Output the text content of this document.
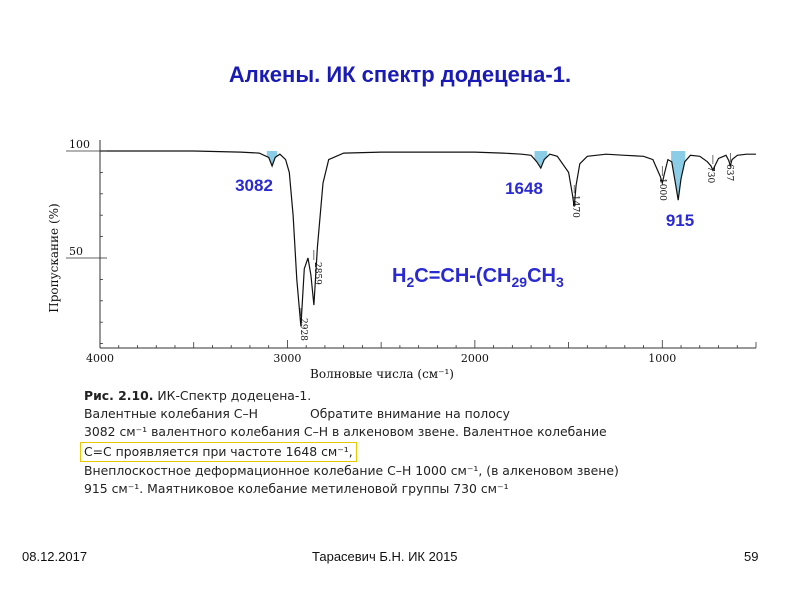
Алкены. ИК спектр додецена-1.
4000	3000	2000	1000
100
50
2928
2859
1470
1000
730 637
3082	1648
915
Волновые числа (см⁻¹)
Пропускание (%)	$H_2C=CH-(CH_29CH_3$
Рис. 2.10. ИК-Спектр додецена-1.
Валентные колебания С–Н	Обратите внимание на полосу
3082 см⁻¹ валентного колебания С–Н в алкеновом звене. Валентное колебание
С=С проявляется при частоте 1648 см⁻¹,
Внеплоскостное деформационное колебание С–Н 1000 см⁻¹, (в алкеновом звене)
915 см⁻¹. Маятниковое колебание метиленовой группы 730 см⁻¹
08.12.2017	Тарасевич Б.Н. ИК 2015	59
